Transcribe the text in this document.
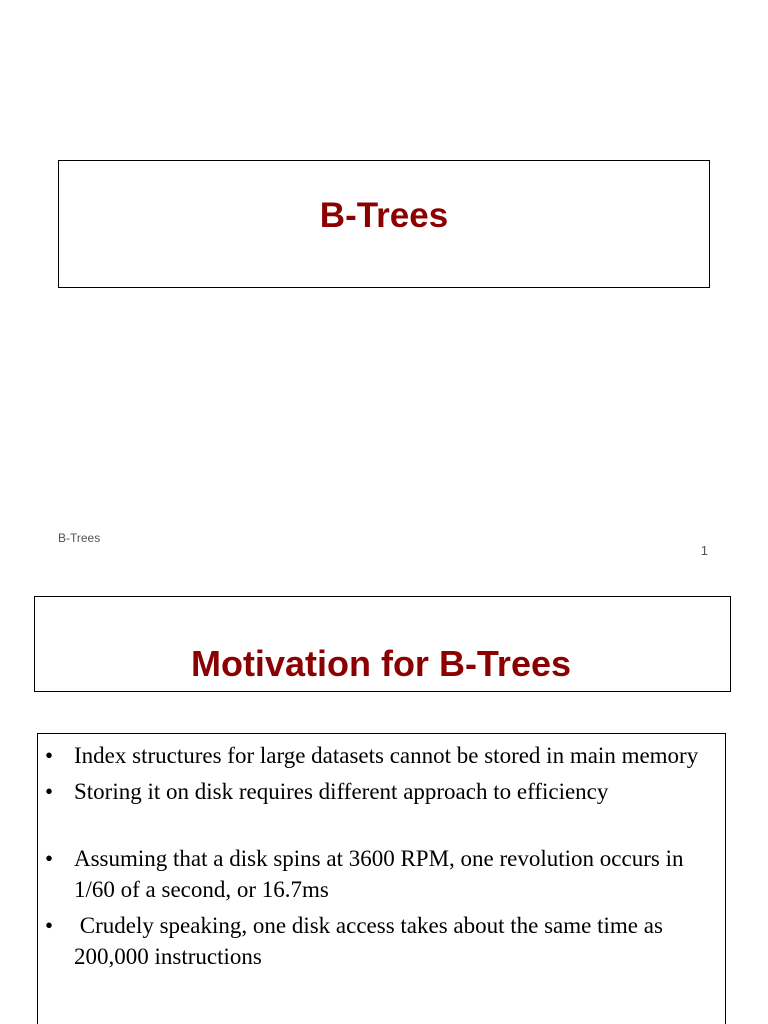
B-Trees

B-Trees

1

Motivation for B-Trees
• Index structures for large datasets cannot be stored in main memory
• Storing it on disk requires different approach to efficiency
• Assuming that a disk spins at 3600 RPM, one revolution occurs in 1/60 of a second, or 16.7ms
• Crudely speaking, one disk access takes about the same time as 200,000 instructions
